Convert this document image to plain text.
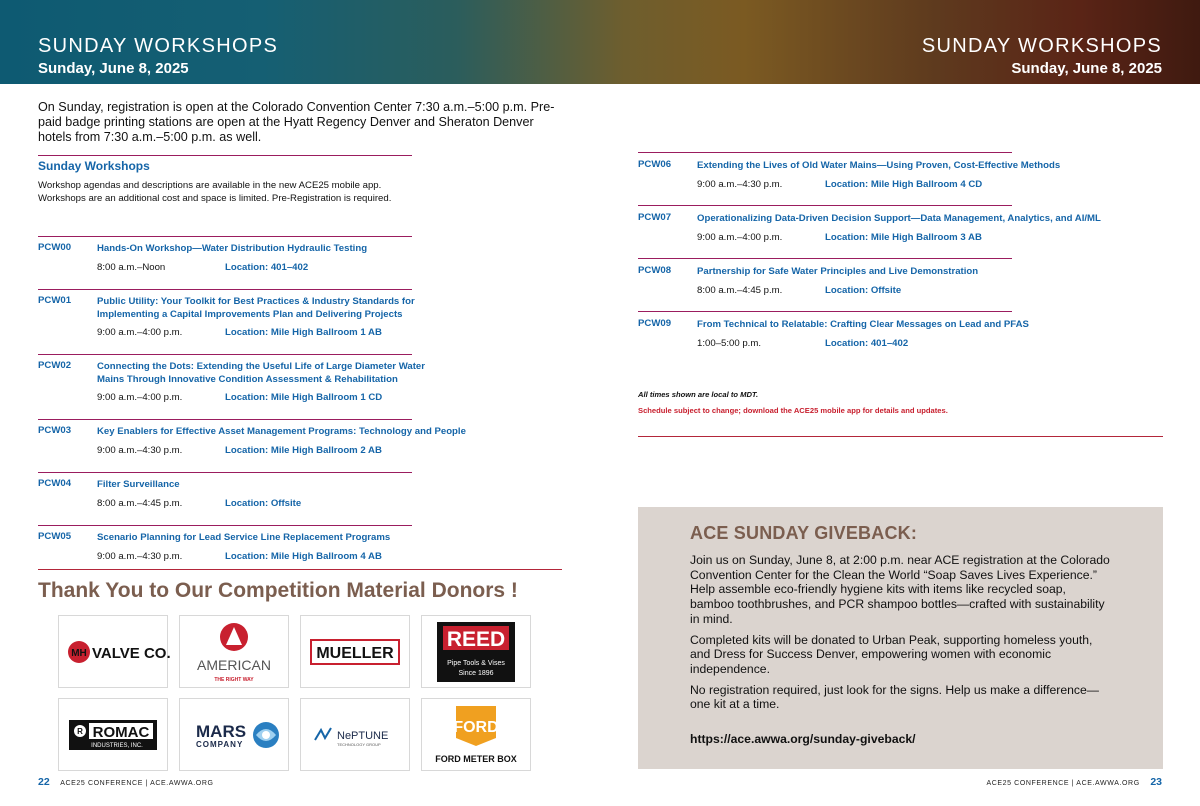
SUNDAY WORKSHOPS
Sunday, June 8, 2025
SUNDAY WORKSHOPS
Sunday, June 8, 2025
On Sunday, registration is open at the Colorado Convention Center 7:30 a.m.–5:00 p.m. Pre-paid badge printing stations are open at the Hyatt Regency Denver and Sheraton Denver hotels from 7:30 a.m.–5:00 p.m. as well.
Sunday Workshops
Workshop agendas and descriptions are available in the new ACE25 mobile app.
Workshops are an additional cost and space is limited. Pre-Registration is required.
PCW00	Hands-On Workshop—Water Distribution Hydraulic Testing
8:00 a.m.–Noon	Location: 401–402
PCW01	Public Utility: Your Toolkit for Best Practices & Industry Standards for Implementing a Capital Improvements Plan and Delivering Projects
9:00 a.m.–4:00 p.m.	Location: Mile High Ballroom 1 AB
PCW02	Connecting the Dots: Extending the Useful Life of Large Diameter Water Mains Through Innovative Condition Assessment & Rehabilitation
9:00 a.m.–4:00 p.m.	Location: Mile High Ballroom 1 CD
PCW03	Key Enablers for Effective Asset Management Programs: Technology and People
9:00 a.m.–4:30 p.m.	Location: Mile High Ballroom 2 AB
PCW04	Filter Surveillance
8:00 a.m.–4:45 p.m.	Location: Offsite
PCW05	Scenario Planning for Lead Service Line Replacement Programs
9:00 a.m.–4:30 p.m.	Location: Mile High Ballroom 4 AB
PCW06	Extending the Lives of Old Water Mains—Using Proven, Cost-Effective Methods
9:00 a.m.–4:30 p.m.	Location: Mile High Ballroom 4 CD
PCW07	Operationalizing Data-Driven Decision Support—Data Management, Analytics, and AI/ML
9:00 a.m.–4:00 p.m.	Location: Mile High Ballroom 3 AB
PCW08	Partnership for Safe Water Principles and Live Demonstration
8:00 a.m.–4:45 p.m.	Location: Offsite
PCW09	From Technical to Relatable: Crafting Clear Messages on Lead and PFAS
1:00–5:00 p.m.	Location: 401–402
All times shown are local to MDT.
Schedule subject to change; download the ACE25 mobile app for details and updates.
Thank You to Our Competition Material Donors !
MH VALVE CO.
AMERICAN
THE RIGHT WAY
MUELLER
REED
Pipe Tools & Vises
Since 1896
R ROMAC
INDUSTRIES, INC.
MARS
COMPANY
NePTUNE
TECHNOLOGY GROUP
FORD
FORD METER BOX
ACE SUNDAY GIVEBACK:
Join us on Sunday, June 8, at 2:00 p.m. near ACE registration at the Colorado Convention Center for the Clean the World “Soap Saves Lives Experience.” Help assemble eco-friendly hygiene kits with items like recycled soap, bamboo toothbrushes, and PCR shampoo bottles—crafted with sustainability in mind.
Completed kits will be donated to Urban Peak, supporting homeless youth, and Dress for Success Denver, empowering women with economic independence.
No registration required, just look for the signs. Help us make a difference—one kit at a time.
https://ace.awwa.org/sunday-giveback/
22 ACE25 CONFERENCE | ACE.AWWA.ORG	ACE25 CONFERENCE | ACE.AWWA.ORG 23
